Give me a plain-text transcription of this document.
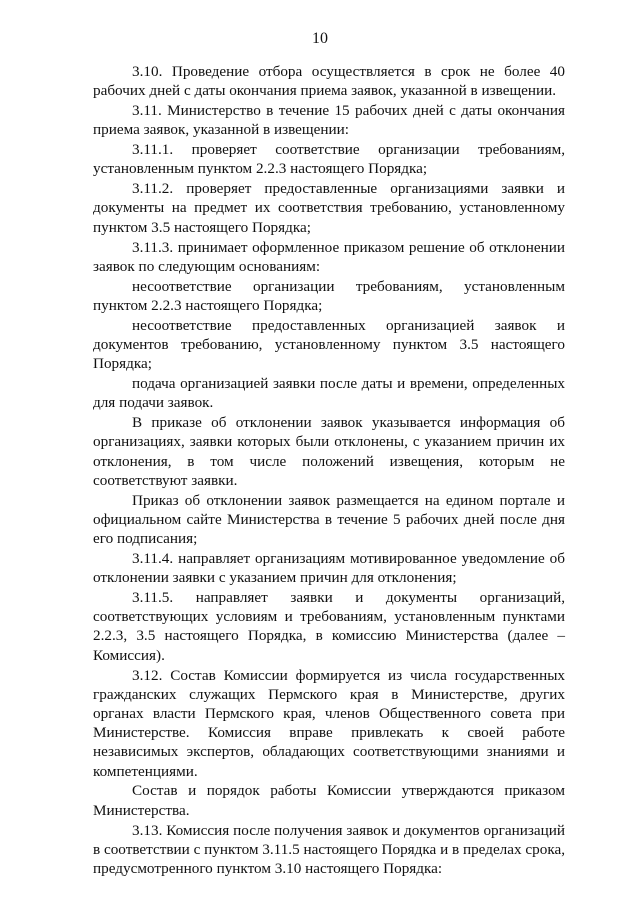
10

3.10. Проведение отбора осуществляется в срок не более 40 рабочих дней с даты окончания приема заявок, указанной в извещении.

3.11. Министерство в течение 15 рабочих дней с даты окончания приема заявок, указанной в извещении:

3.11.1. проверяет соответствие организации требованиям, установленным пунктом 2.2.3 настоящего Порядка;

3.11.2. проверяет предоставленные организациями заявки и документы на предмет их соответствия требованию, установленному пунктом 3.5 настоящего Порядка;

3.11.3. принимает оформленное приказом решение об отклонении заявок по следующим основаниям:

несоответствие организации требованиям, установленным пунктом 2.2.3 настоящего Порядка;

несоответствие предоставленных организацией заявок и документов требованию, установленному пунктом 3.5 настоящего Порядка;

подача организацией заявки после даты и времени, определенных для подачи заявок.

В приказе об отклонении заявок указывается информация об организациях, заявки которых были отклонены, с указанием причин их отклонения, в том числе положений извещения, которым не соответствуют заявки.

Приказ об отклонении заявок размещается на едином портале и официальном сайте Министерства в течение 5 рабочих дней после дня его подписания;

3.11.4. направляет организациям мотивированное уведомление об отклонении заявки с указанием причин для отклонения;

3.11.5. направляет заявки и документы организаций, соответствующих условиям и требованиям, установленным пунктами 2.2.3, 3.5 настоящего Порядка, в комиссию Министерства (далее – Комиссия).

3.12. Состав Комиссии формируется из числа государственных гражданских служащих Пермского края в Министерстве, других органах власти Пермского края, членов Общественного совета при Министерстве. Комиссия вправе привлекать к своей работе независимых экспертов, обладающих соответствующими знаниями и компетенциями.

Состав и порядок работы Комиссии утверждаются приказом Министерства.

3.13. Комиссия после получения заявок и документов организаций в соответствии с пунктом 3.11.5 настоящего Порядка и в пределах срока, предусмотренного пунктом 3.10 настоящего Порядка:
